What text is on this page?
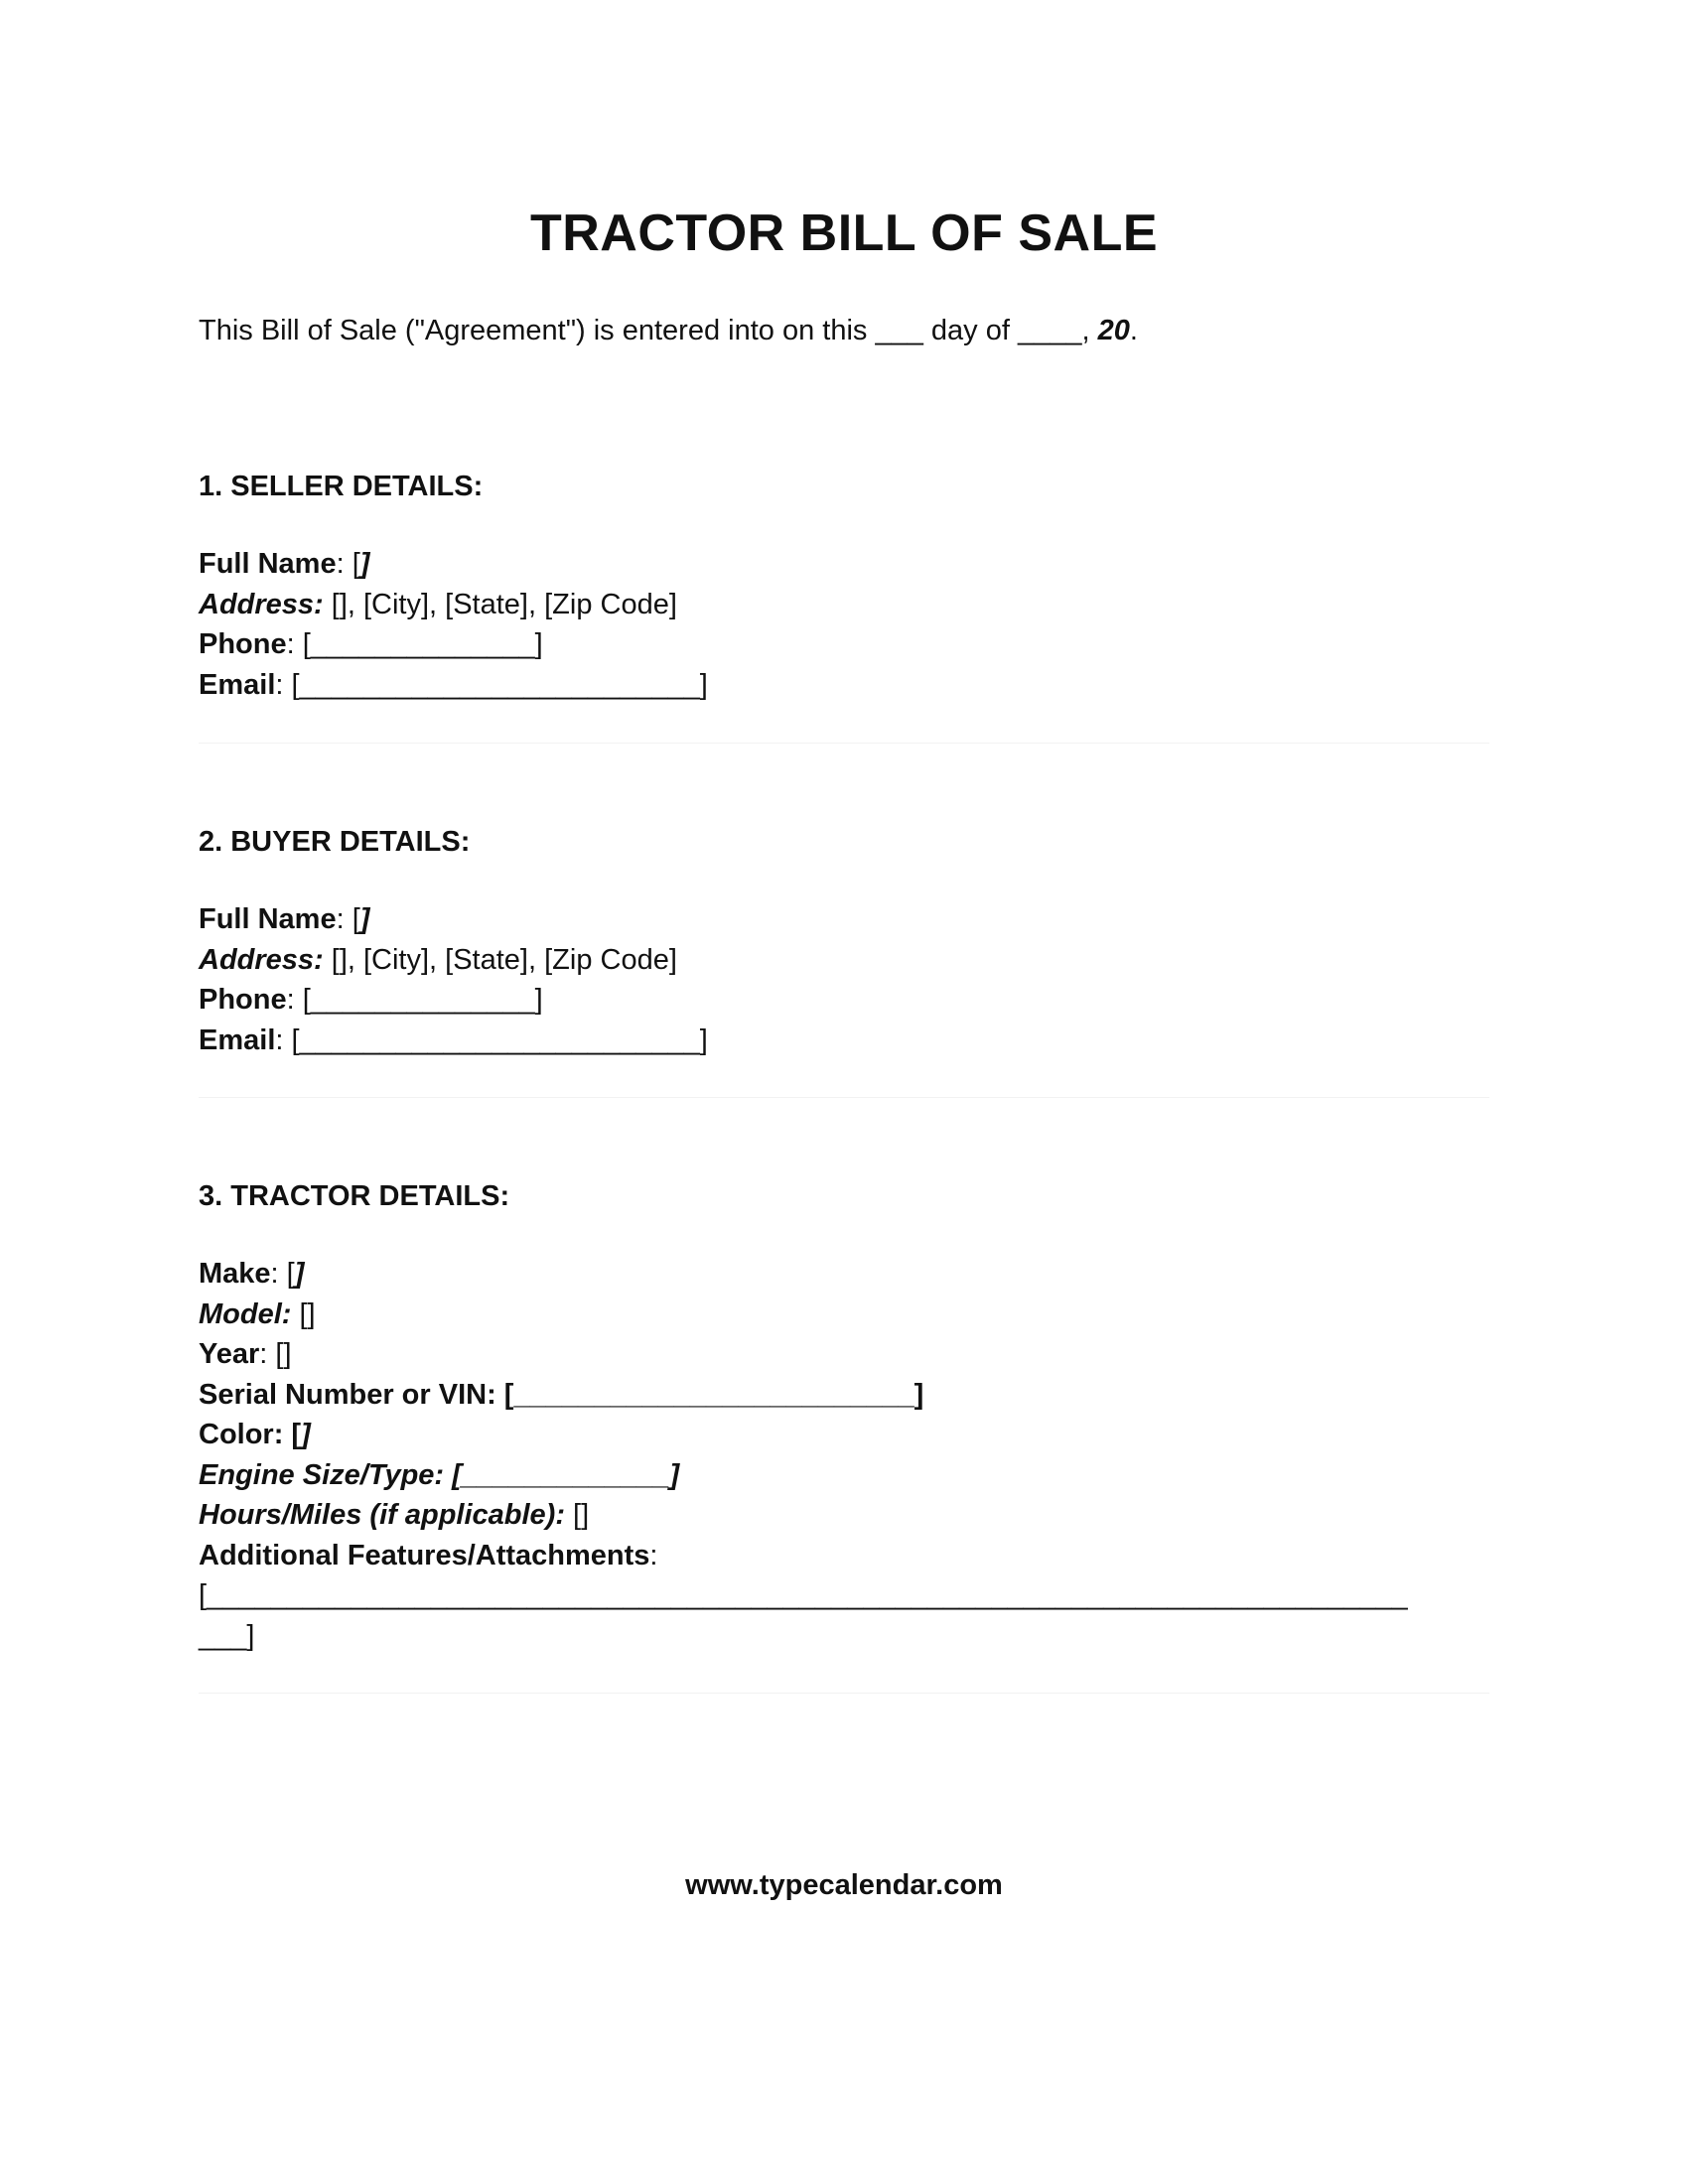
TRACTOR BILL OF SALE
This Bill of Sale ("Agreement") is entered into on this ___ day of ____, 20.
1. SELLER DETAILS:
Full Name: []
Address: [], [City], [State], [Zip Code]
Phone: [______________]
Email: [_________________________]
2. BUYER DETAILS:
Full Name: []
Address: [], [City], [State], [Zip Code]
Phone: [______________]
Email: [_________________________]
3. TRACTOR DETAILS:
Make: []
Model: []
Year: []
Serial Number or VIN: [_________________________]
Color: []
Engine Size/Type: [_____________]
Hours/Miles (if applicable): []
Additional Features/Attachments:
[___________________________________________________________________________
___]
www.typecalendar.com
